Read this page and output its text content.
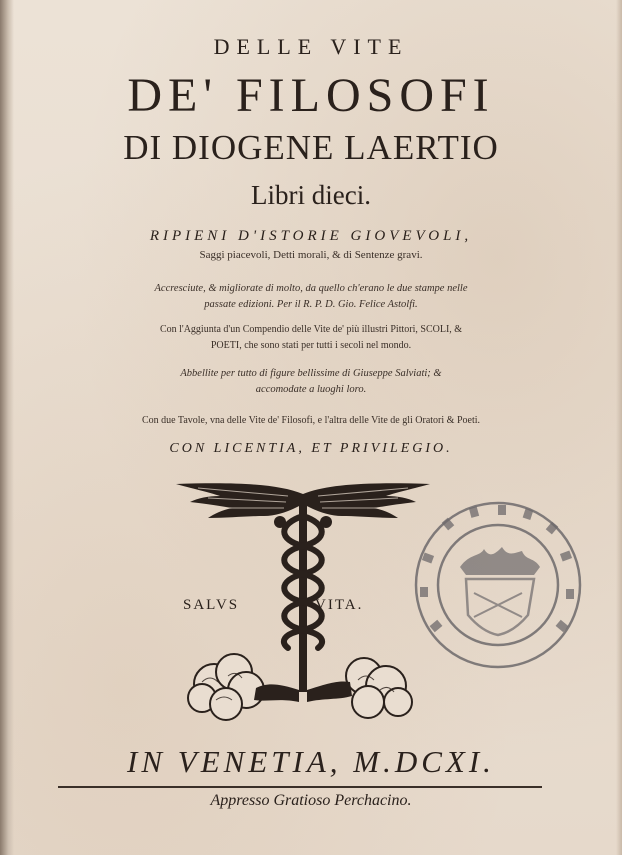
DELLE VITE
DE' FILOSOFI
DI DIOGENE LAERTIO
Libri dieci.
RIPIENI D'ISTORIE GIOVEVOLI,
Saggi piacevoli, Detti morali, & di Sentenze gravi.
Accresciute, & migliorate di molto, da quello ch'erano le due stampe nelle
passate edizioni. Per il R. P. D. Gio. Felice Astolfi.
Con l'Aggiunta d'un Compendio delle Vite de' più illustri Pittori, SCOLI, &
POETI, che sono stati per tutti i secoli nel mondo.
Abbellite per tutto di figure bellissime di Giuseppe Salviati; &
accomodate a luoghi loro.
Con due Tavole, vna delle Vite de' Filosofi, e l'altra delle Vite de gli Oratori & Poeti.
CON LICENTIA, ET PRIVILEGIO.
SALVS	VITA.
IN VENETIA, M.DCXI.
Appresso Gratioso Perchacino.
